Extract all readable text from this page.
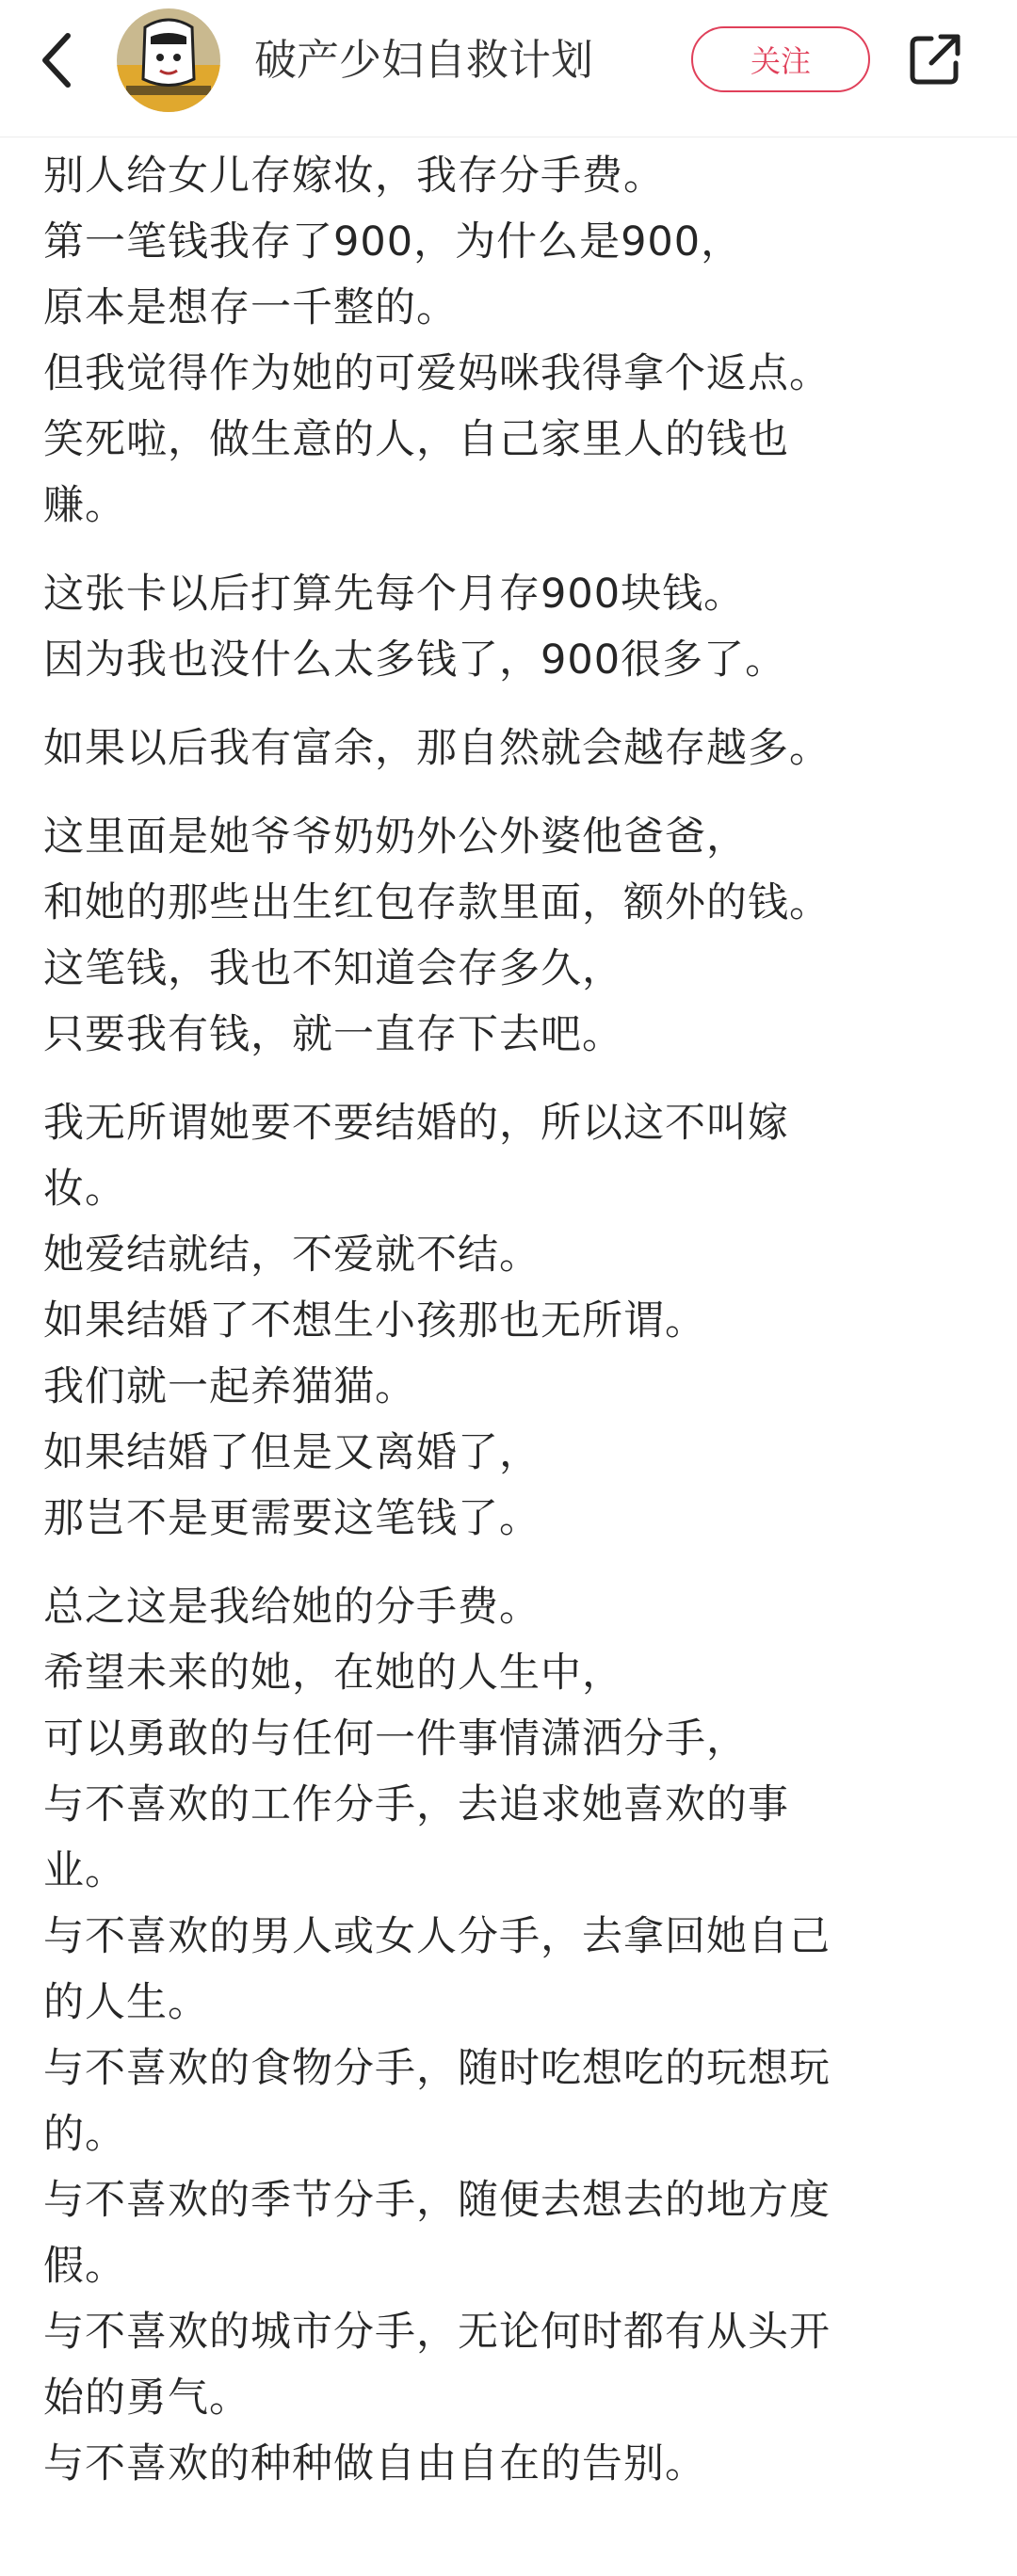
破产少妇自救计划	关注
别人给女儿存嫁妆，我存分手费。
第一笔钱我存了900，为什么是900，
原本是想存一千整的。
但我觉得作为她的可爱妈咪我得拿个返点。
笑死啦，做生意的人，自己家里人的钱也
赚。
这张卡以后打算先每个月存900块钱。
因为我也没什么太多钱了，900很多了。
如果以后我有富余，那自然就会越存越多。
这里面是她爷爷奶奶外公外婆他爸爸，
和她的那些出生红包存款里面，额外的钱。
这笔钱，我也不知道会存多久，
只要我有钱，就一直存下去吧。
我无所谓她要不要结婚的，所以这不叫嫁
妆。
她爱结就结，不爱就不结。
如果结婚了不想生小孩那也无所谓。
我们就一起养猫猫。
如果结婚了但是又离婚了，
那岂不是更需要这笔钱了。
总之这是我给她的分手费。
希望未来的她，在她的人生中，
可以勇敢的与任何一件事情潇洒分手，
与不喜欢的工作分手，去追求她喜欢的事
业。
与不喜欢的男人或女人分手，去拿回她自己
的人生。
与不喜欢的食物分手，随时吃想吃的玩想玩
的。
与不喜欢的季节分手，随便去想去的地方度
假。
与不喜欢的城市分手，无论何时都有从头开
始的勇气。
与不喜欢的种种做自由自在的告别。
